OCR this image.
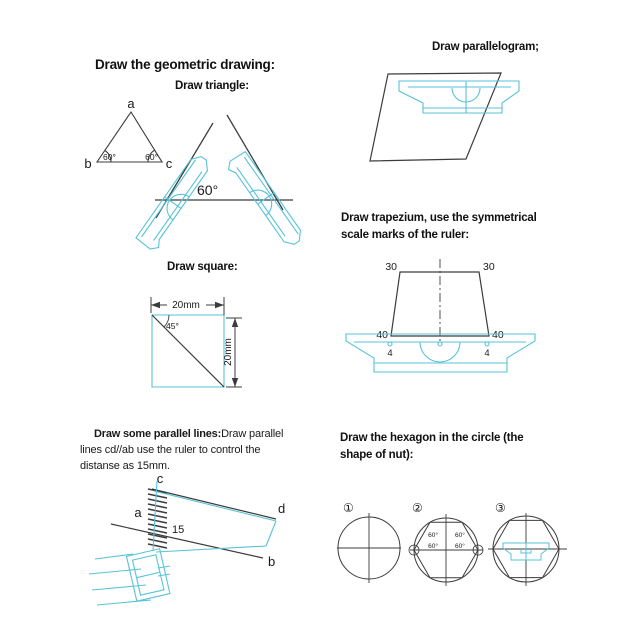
Draw the geometric drawing:
Draw triangle:
Draw parallelogram;
Draw trapezium, use the symmetrical
scale marks of the ruler:
Draw square:
Draw the hexagon in the circle (the
shape of nut):
Draw some parallel lines:Draw parallel
lines cd//ab use the ruler to control the
distanse as 15mm.
a
b	c
60°	60°
60°
30	30
40	40
4	4
20mm
20mm
45°
c
d
a
b
15	60°	60°
60°	60°
①	②	③
